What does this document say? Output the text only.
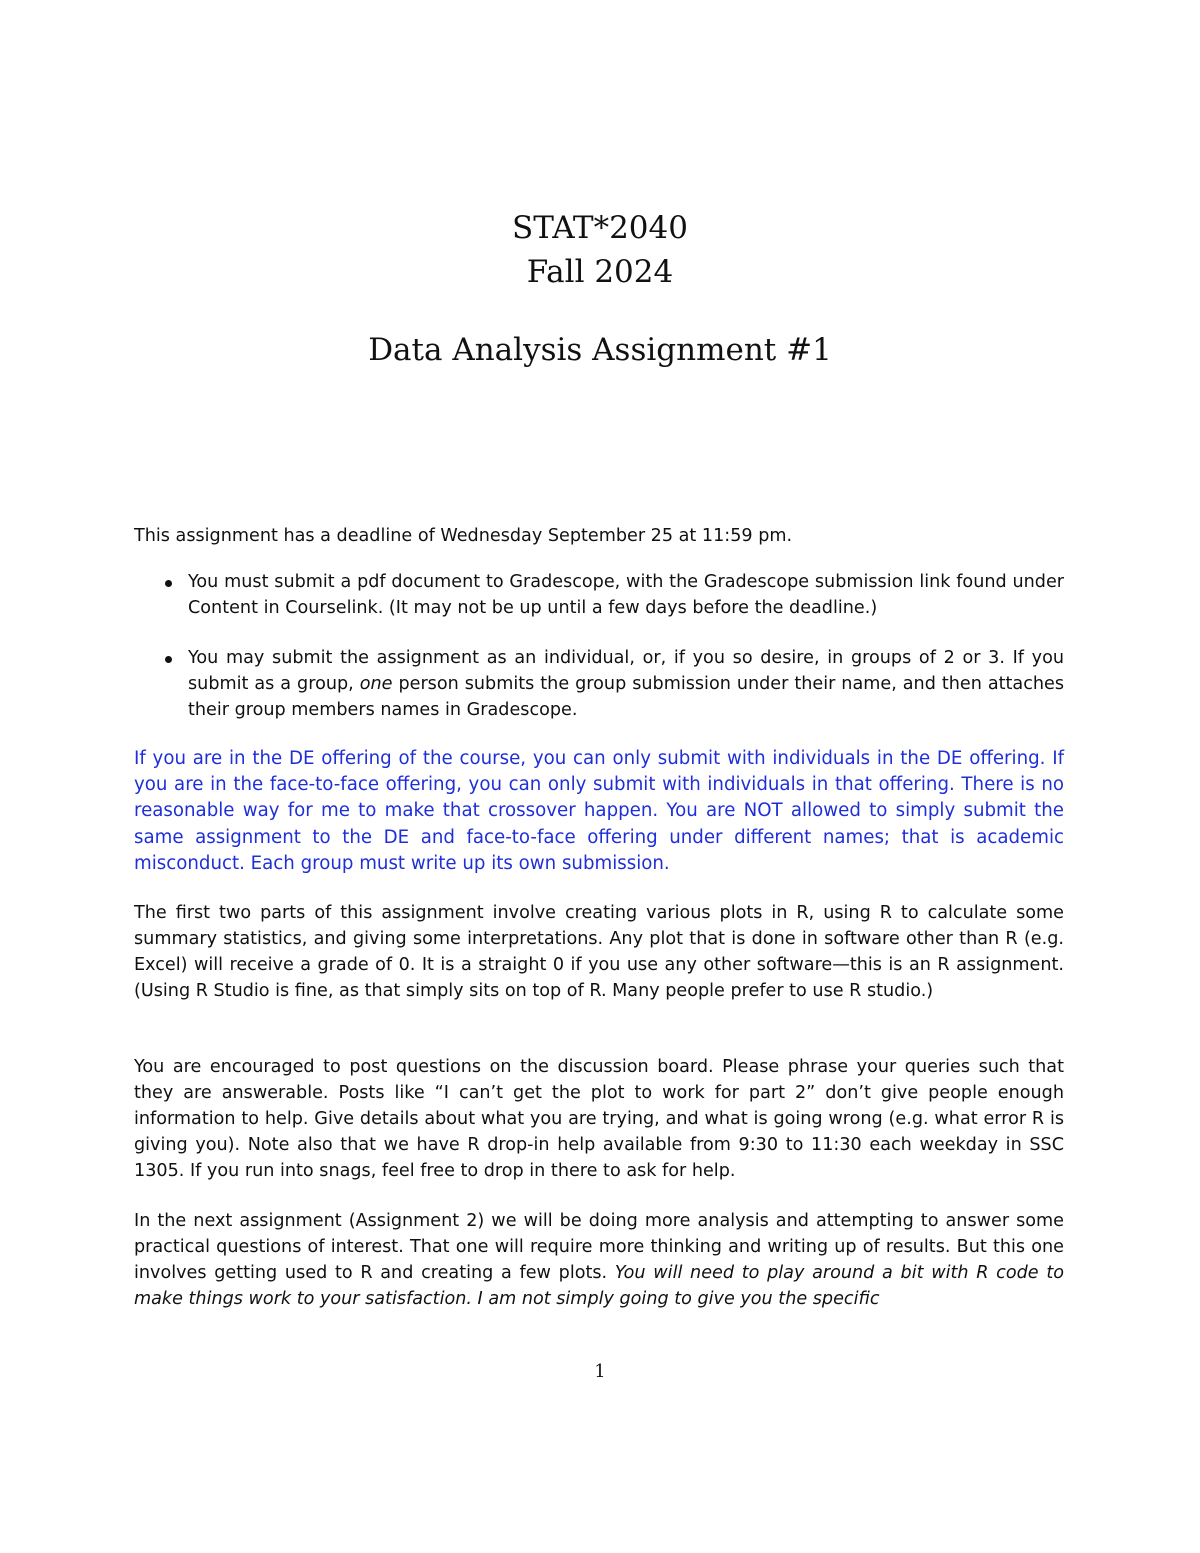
STAT*2040
Fall 2024
Data Analysis Assignment #1

This assignment has a deadline of Wednesday September 25 at 11:59 pm.

You must submit a pdf document to Gradescope, with the Gradescope submission link found under Content in Courselink. (It may not be up until a few days before the deadline.)
You may submit the assignment as an individual, or, if you so desire, in groups of 2 or 3. If you submit as a group, one person submits the group submission under their name, and then attaches their group members names in Gradescope.

If you are in the DE offering of the course, you can only submit with individuals in the DE offering. If you are in the face-to-face offering, you can only submit with individuals in that offering. There is no reasonable way for me to make that crossover happen. You are NOT allowed to simply submit the same assignment to the DE and face-to-face offering under different names; that is academic misconduct. Each group must write up its own submission.

The first two parts of this assignment involve creating various plots in R, using R to calculate some summary statistics, and giving some interpretations. Any plot that is done in software other than R (e.g. Excel) will receive a grade of 0. It is a straight 0 if you use any other software—this is an R assignment. (Using R Studio is fine, as that simply sits on top of R. Many people prefer to use R studio.)

You are encouraged to post questions on the discussion board. Please phrase your queries such that they are answerable. Posts like “I can’t get the plot to work for part 2” don’t give people enough information to help. Give details about what you are trying, and what is going wrong (e.g. what error R is giving you). Note also that we have R drop-in help available from 9:30 to 11:30 each weekday in SSC 1305. If you run into snags, feel free to drop in there to ask for help.

In the next assignment (Assignment 2) we will be doing more analysis and attempting to answer some practical questions of interest. That one will require more thinking and writing up of results. But this one involves getting used to R and creating a few plots. You will need to play around a bit with R code to make things work to your satisfaction. I am not simply going to give you the specific

1
